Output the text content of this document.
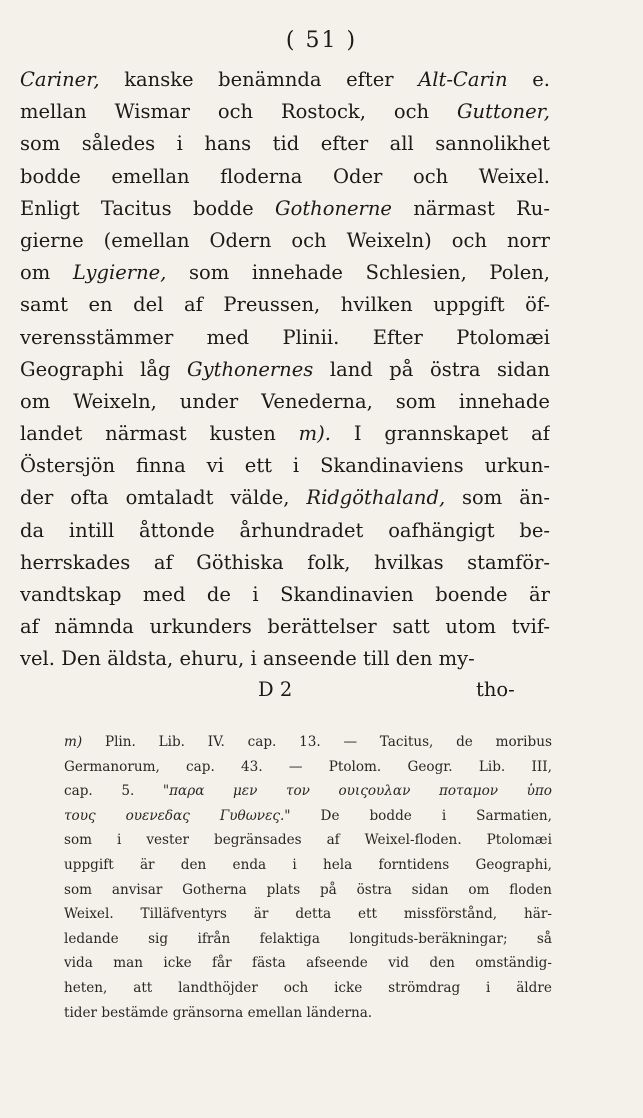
( 51 )
Cariner, kanske benämnda efter Alt-Carin e.
mellan Wismar och Rostock, och Guttoner,
som således i hans tid efter all sannolikhet
bodde emellan floderna Oder och Weixel.
Enligt Tacitus bodde Gothonerne närmast Ru-
gierne (emellan Odern och Weixeln) och norr
om Lygierne, som innehade Schlesien, Polen,
samt en del af Preussen, hvilken uppgift öf-
verensstämmer med Plinii. Efter Ptolomæi
Geographi låg Gythonernes land på östra sidan
om Weixeln, under Venederna, som innehade
landet närmast kusten m). I grannskapet af
Östersjön finna vi ett i Skandinaviens urkun-
der ofta omtaladt välde, Ridgöthaland, som än-
da intill åttonde århundradet oafhängigt be-
herrskades af Göthiska folk, hvilkas stamför-
vandtskap med de i Skandinavien boende är
af nämnda urkunders berättelser satt utom tvif-
vel. Den äldsta, ehuru, i anseende till den my-
D 2	tho-
m) Plin. Lib. IV. cap. 13. — Tacitus, de moribus
Germanorum, cap. 43. — Ptolom. Geogr. Lib. III,
cap. 5. "παρα μεν τον ουιςουλαν ποταμον ὑπο
τους ουενεδας Γυθωνες." De bodde i Sarmatien,
som i vester begränsades af Weixel-floden. Ptolomæi
uppgift är den enda i hela forntidens Geographi,
som anvisar Gotherna plats på östra sidan om floden
Weixel. Tilläfventyrs är detta ett missförstånd, här-
ledande sig ifrån felaktiga longituds-beräkningar; så
vida man icke får fästa afseende vid den omständig-
heten, att landthöjder och icke strömdrag i äldre
tider bestämde gränsorna emellan länderna.
